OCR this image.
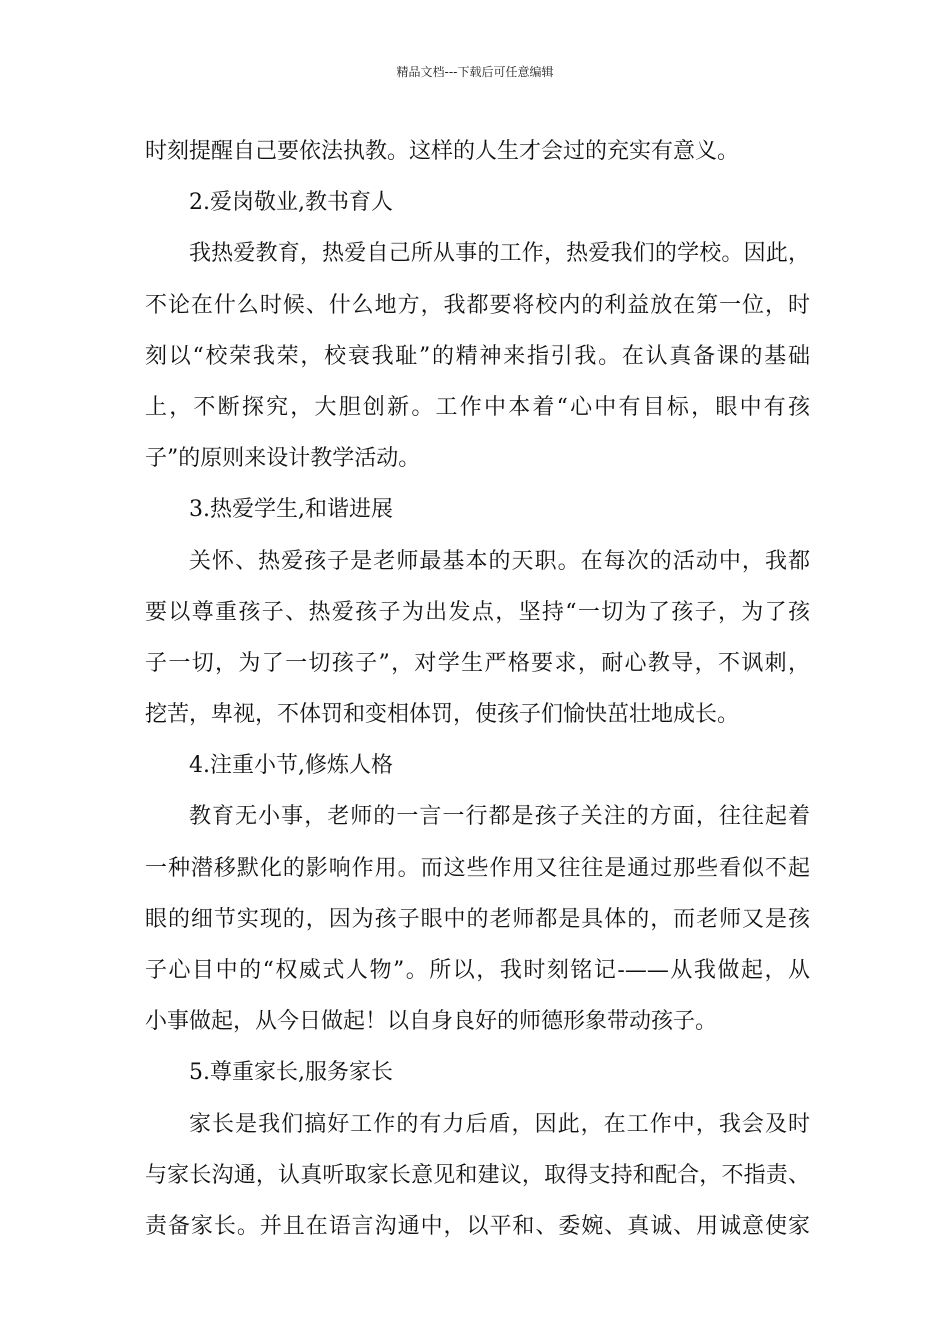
精品文档---下载后可任意编辑
时刻提醒自己要依法执教。这样的人生才会过的充实有意义。
2.爱岗敬业,教书育人
我热爱教育，热爱自己所从事的工作，热爱我们的学校。因此，
不论在什么时候、什么地方，我都要将校内的利益放在第一位，时
刻以“校荣我荣，校衰我耻”的精神来指引我。在认真备课的基础
上，不断探究，大胆创新。工作中本着“心中有目标，眼中有孩
子”的原则来设计教学活动。
3.热爱学生,和谐进展
关怀、热爱孩子是老师最基本的天职。在每次的活动中，我都
要以尊重孩子、热爱孩子为出发点，坚持“一切为了孩子，为了孩
子一切，为了一切孩子”，对学生严格要求，耐心教导，不讽刺，
挖苦，卑视，不体罚和变相体罚，使孩子们愉快茁壮地成长。
4.注重小节,修炼人格
教育无小事，老师的一言一行都是孩子关注的方面，往往起着
一种潜移默化的影响作用。而这些作用又往往是通过那些看似不起
眼的细节实现的，因为孩子眼中的老师都是具体的，而老师又是孩
子心目中的“权威式人物”。所以，我时刻铭记-——从我做起，从
小事做起，从今日做起！以自身良好的师德形象带动孩子。
5.尊重家长,服务家长
家长是我们搞好工作的有力后盾，因此，在工作中，我会及时
与家长沟通，认真听取家长意见和建议，取得支持和配合，不指责、
责备家长。并且在语言沟通中，以平和、委婉、真诚、用诚意使家
